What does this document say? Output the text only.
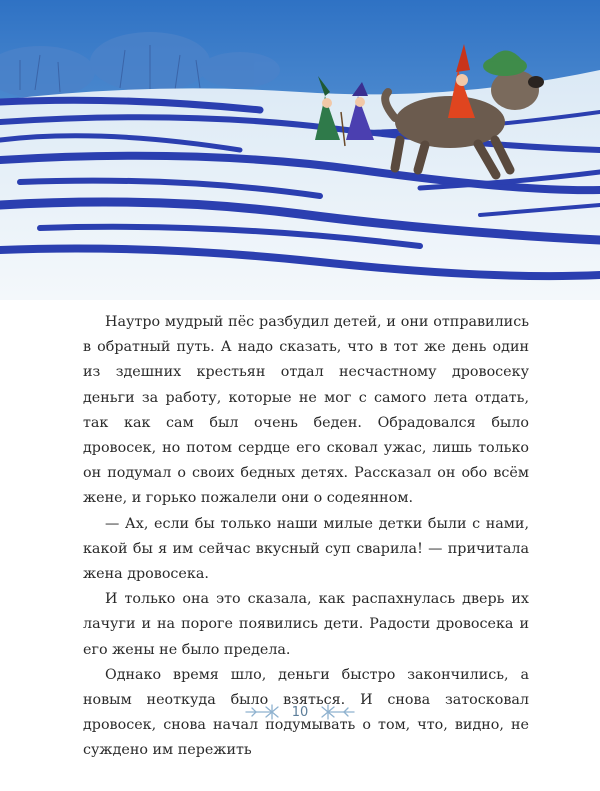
Наутро мудрый пёс разбудил детей, и они отправились в обратный путь. А надо сказать, что в тот же день один из здешних крестьян отдал несчастному дровосеку деньги за работу, которые не мог с самого лета отдать, так как сам был очень беден. Обрадовался было дровосек, но потом сердце его сковал ужас, лишь только он подумал о своих бедных детях. Рассказал он обо всём жене, и горько пожалели они о содеянном.

— Ах, если бы только наши милые детки были с нами, какой бы я им сейчас вкусный суп сварила! — причитала жена дровосека.

И только она это сказала, как распахнулась дверь их лачуги и на пороге появились дети. Радости дровосека и его жены не было предела.

Однако время шло, деньги быстро закончились, а новым неоткуда было взяться. И снова затосковал дровосек, снова начал подумывать о том, что, видно, не суждено им пережить

10
